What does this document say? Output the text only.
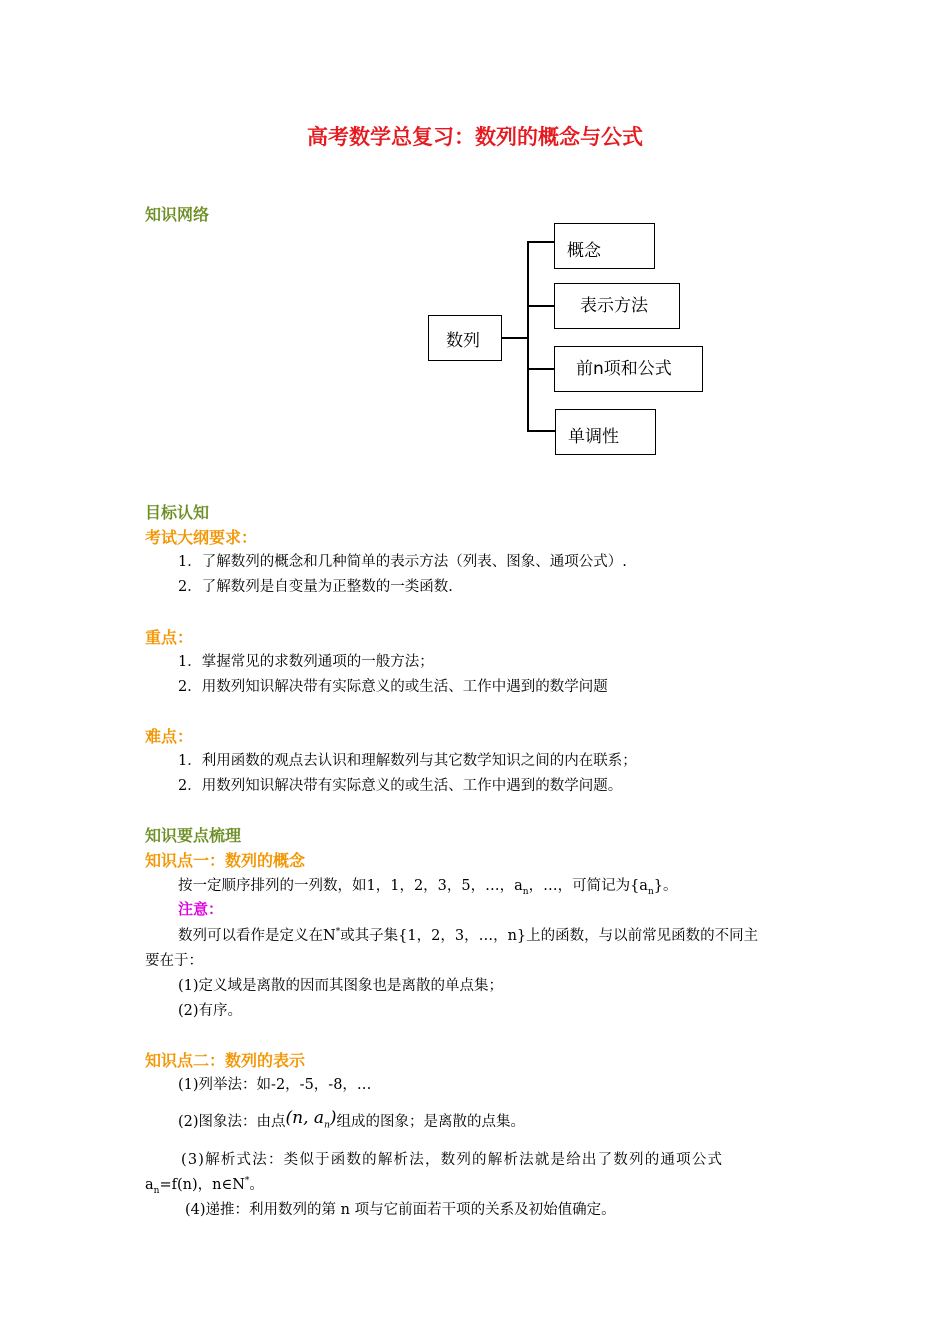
高考数学总复习：数列的概念与公式
知识网络
数列
概念
表示方法
前n项和公式
单调性
目标认知
考试大纲要求：
1．了解数列的概念和几种简单的表示方法（列表、图象、通项公式）.
2．了解数列是自变量为正整数的一类函数.
重点：
1．掌握常见的求数列通项的一般方法；
2．用数列知识解决带有实际意义的或生活、工作中遇到的数学问题
难点：
1．利用函数的观点去认识和理解数列与其它数学知识之间的内在联系；
2．用数列知识解决带有实际意义的或生活、工作中遇到的数学问题。
知识要点梳理
知识点一：数列的概念
按一定顺序排列的一列数，如1，1，2，3，5，…，$a_n$，…，可简记为$\{a_n\}$。
注意：
数列可以看作是定义在N*或其子集{1，2，3，…，n}上的函数，与以前常见函数的不同主
要在于：
(1)定义域是离散的因而其图象也是离散的单点集；
(2)有序。
知识点二：数列的表示
(1)列举法：如-2，-5，-8，…
(2)图象法：由点(n, $a_n$)组成的图象；是离散的点集。
(3)解析式法：类似于函数的解析法，数列的解析法就是给出了数列的通项公式
$a_n=f(n)$，n∈N*。
(4)递推：利用数列的第 n 项与它前面若干项的关系及初始值确定。
